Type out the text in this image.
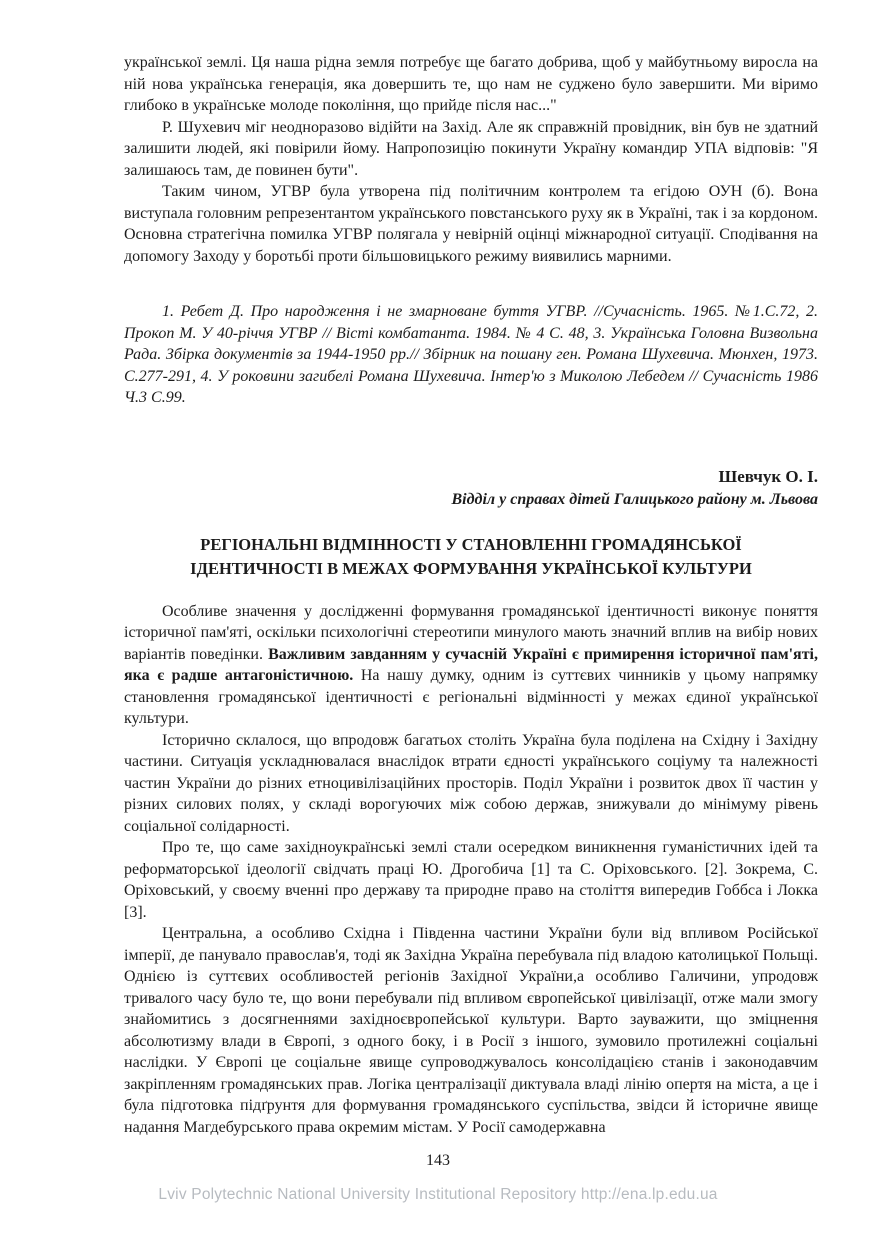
української землі. Ця наша рідна земля потребує ще багато добрива, щоб у майбутньому виросла на ній нова українська генерація, яка довершить те, що нам не суджено було завершити. Ми віримо глибоко в українське молоде покоління, що прийде після нас..."

Р. Шухевич міг неодноразово відійти на Захід. Але як справжній провідник, він був не здатний залишити людей, які повірили йому. Напропозицію покинути Україну командир УПА відповів: "Я залишаюсь там, де повинен бути".

Таким чином, УГВР була утворена під політичним контролем та егідою ОУН (б). Вона виступала головним репрезентантом українського повстанського руху як в Україні, так і за кордоном. Основна стратегічна помилка УГВР полягала у невірній оцінці міжнародної ситуації. Сподівання на допомогу Заходу у боротьбі проти більшовицького режиму виявились марними.

1. Ребет Д. Про народження і не змарноване буття УГВР. //Сучасність. 1965. №1.С.72, 2. Прокоп М. У 40-річчя УГВР // Вісті комбатанта. 1984. № 4 С. 48, 3. Українська Головна Визвольна Рада. Збірка документів за 1944-1950 рр.// Збірник на пошану ген. Романа Шухевича. Мюнхен, 1973. С.277-291, 4. У роковини загибелі Романа Шухевича. Інтер'ю з Миколою Лебедем // Сучасність 1986 Ч.3 С.99.

Шевчук О. І.

Відділ у справах дітей Галицького району м. Львова

РЕГІОНАЛЬНІ ВІДМІННОСТІ У СТАНОВЛЕННІ ГРОМАДЯНСЬКОЇ ІДЕНТИЧНОСТІ В МЕЖАХ ФОРМУВАННЯ УКРАЇНСЬКОЇ КУЛЬТУРИ

Особливе значення у дослідженні формування громадянської ідентичності виконує поняття історичної пам'яті, оскільки психологічні стереотипи минулого мають значний вплив на вибір нових варіантів поведінки. Важливим завданням у сучасній Україні є примирення історичної пам'яті, яка є радше антагоністичною. На нашу думку, одним із суттєвих чинників у цьому напрямку становлення громадянської ідентичності є регіональні відмінності у межах єдиної української культури.

Історично склалося, що впродовж багатьох століть Україна була поділена на Східну і Західну частини. Ситуація ускладнювалася внаслідок втрати єдності українського соціуму та належності частин України до різних етноцивілізаційних просторів. Поділ України і розвиток двох її частин у різних силових полях, у складі ворогуючих між собою держав, знижували до мінімуму рівень соціальної солідарності.

Про те, що саме західноукраїнські землі стали осередком виникнення гуманістичних ідей та реформаторської ідеології свідчать праці Ю. Дрогобича [1] та С. Оріховського. [2]. Зокрема, С. Оріховський, у своєму вченні про державу та природне право на століття випередив Гоббса і Локка [3].

Центральна, а особливо Східна і Південна частини України були від впливом Російської імперії, де панувало православ'я, тоді як Західна Україна перебувала під владою католицької Польщі. Однією із суттєвих особливостей регіонів Західної України,а особливо Галичини, упродовж тривалого часу було те, що вони перебували під впливом європейської цивілізації, отже мали змогу знайомитись з досягненнями західноєвропейської культури. Варто зауважити, що зміцнення абсолютизму влади в Європі, з одного боку, і в Росії з іншого, зумовило протилежні соціальні наслідки. У Європі це соціальне явище супроводжувалось консолідацією станів і законодавчим закріпленням громадянських прав. Логіка централізації диктувала владі лінію опертя на міста, а це і була підготовка підґрунтя для формування громадянського суспільства, звідси й історичне явище надання Магдебурського права окремим містам. У Росії самодержавна

143
Lviv Polytechnic National University Institutional Repository http://ena.lp.edu.ua
